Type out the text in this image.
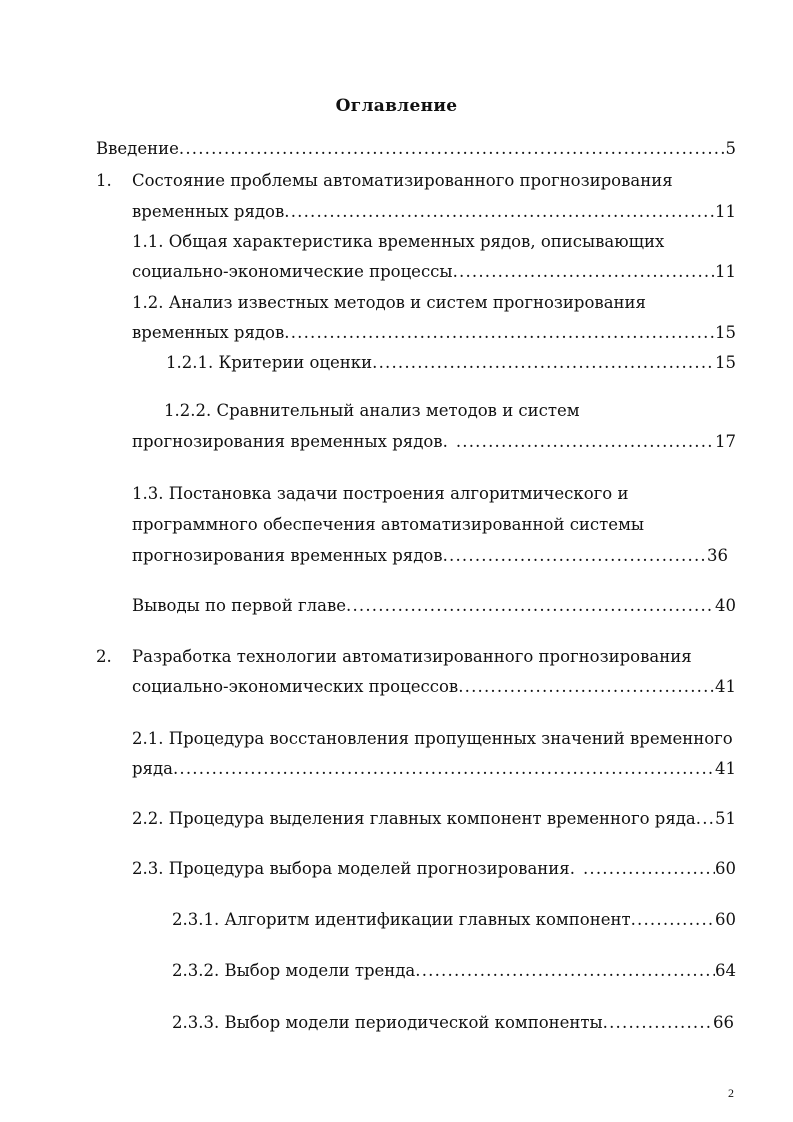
Оглавление
Введение .....	5
1. Состояние проблемы автоматизированного прогнозирования
временных рядов .....	11
1.1. Общая характеристика временных рядов, описывающих
социально-экономические процессы .....	11
1.2. Анализ известных методов и систем прогнозирования
временных рядов .....	15
1.2.1. Критерии оценки .....	15
1.2.2. Сравнительный анализ методов и систем
прогнозирования временных рядов. .....	17
1.3. Постановка задачи построения алгоритмического и
программного обеспечения автоматизированной системы
прогнозирования временных рядов .....	36
Выводы по первой главе .....	40
2. Разработка технологии автоматизированного прогнозирования
социально-экономических процессов .....	41
2.1. Процедура восстановления пропущенных значений временного
ряда .....	41
2.2. Процедура выделения главных компонент временного ряда ..... 51
2.3. Процедура выбора моделей прогнозирования. .....	60
2.3.1. Алгоритм идентификации главных компонент .....	60
2.3.2. Выбор модели тренда .....	64
2.3.3. Выбор модели периодической компоненты .....	66
2
